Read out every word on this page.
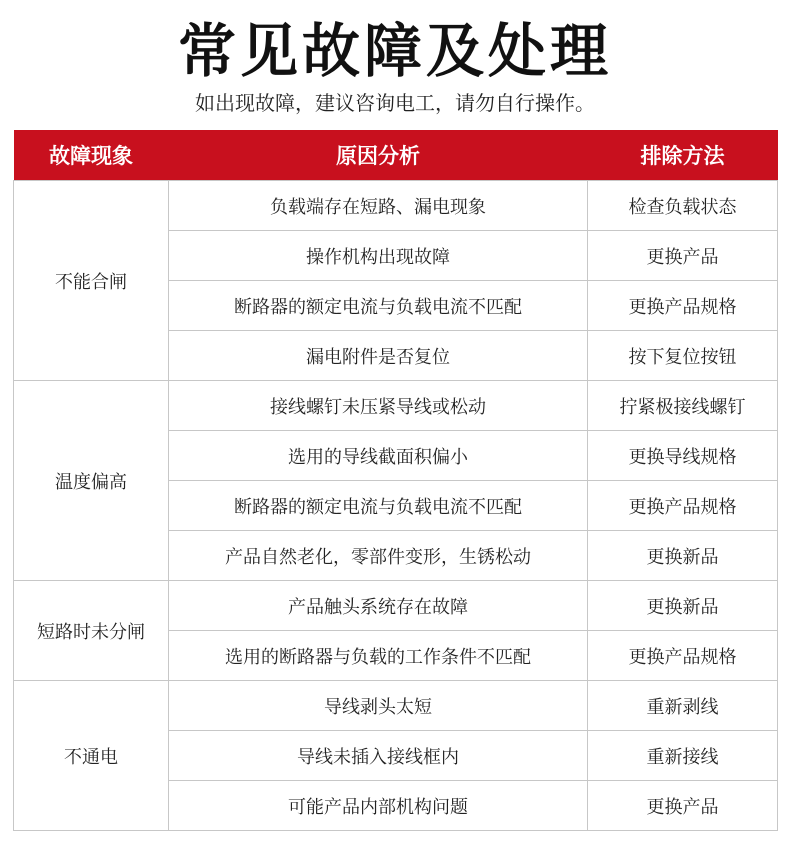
常见故障及处理
如出现故障，建议咨询电工，请勿自行操作。
故障现象	原因分析	排除方法
不能合闸	负载端存在短路、漏电现象	检查负载状态
	操作机构出现故障	更换产品
	断路器的额定电流与负载电流不匹配	更换产品规格
	漏电附件是否复位	按下复位按钮
温度偏高	接线螺钉未压紧导线或松动	拧紧极接线螺钉
	选用的导线截面积偏小	更换导线规格
	断路器的额定电流与负载电流不匹配	更换产品规格
	产品自然老化，零部件变形，生锈松动	更换新品
短路时未分闸	产品触头系统存在故障	更换新品
	选用的断路器与负载的工作条件不匹配	更换产品规格
不通电	导线剥头太短	重新剥线
	导线未插入接线框内	重新接线
	可能产品内部机构问题	更换产品
